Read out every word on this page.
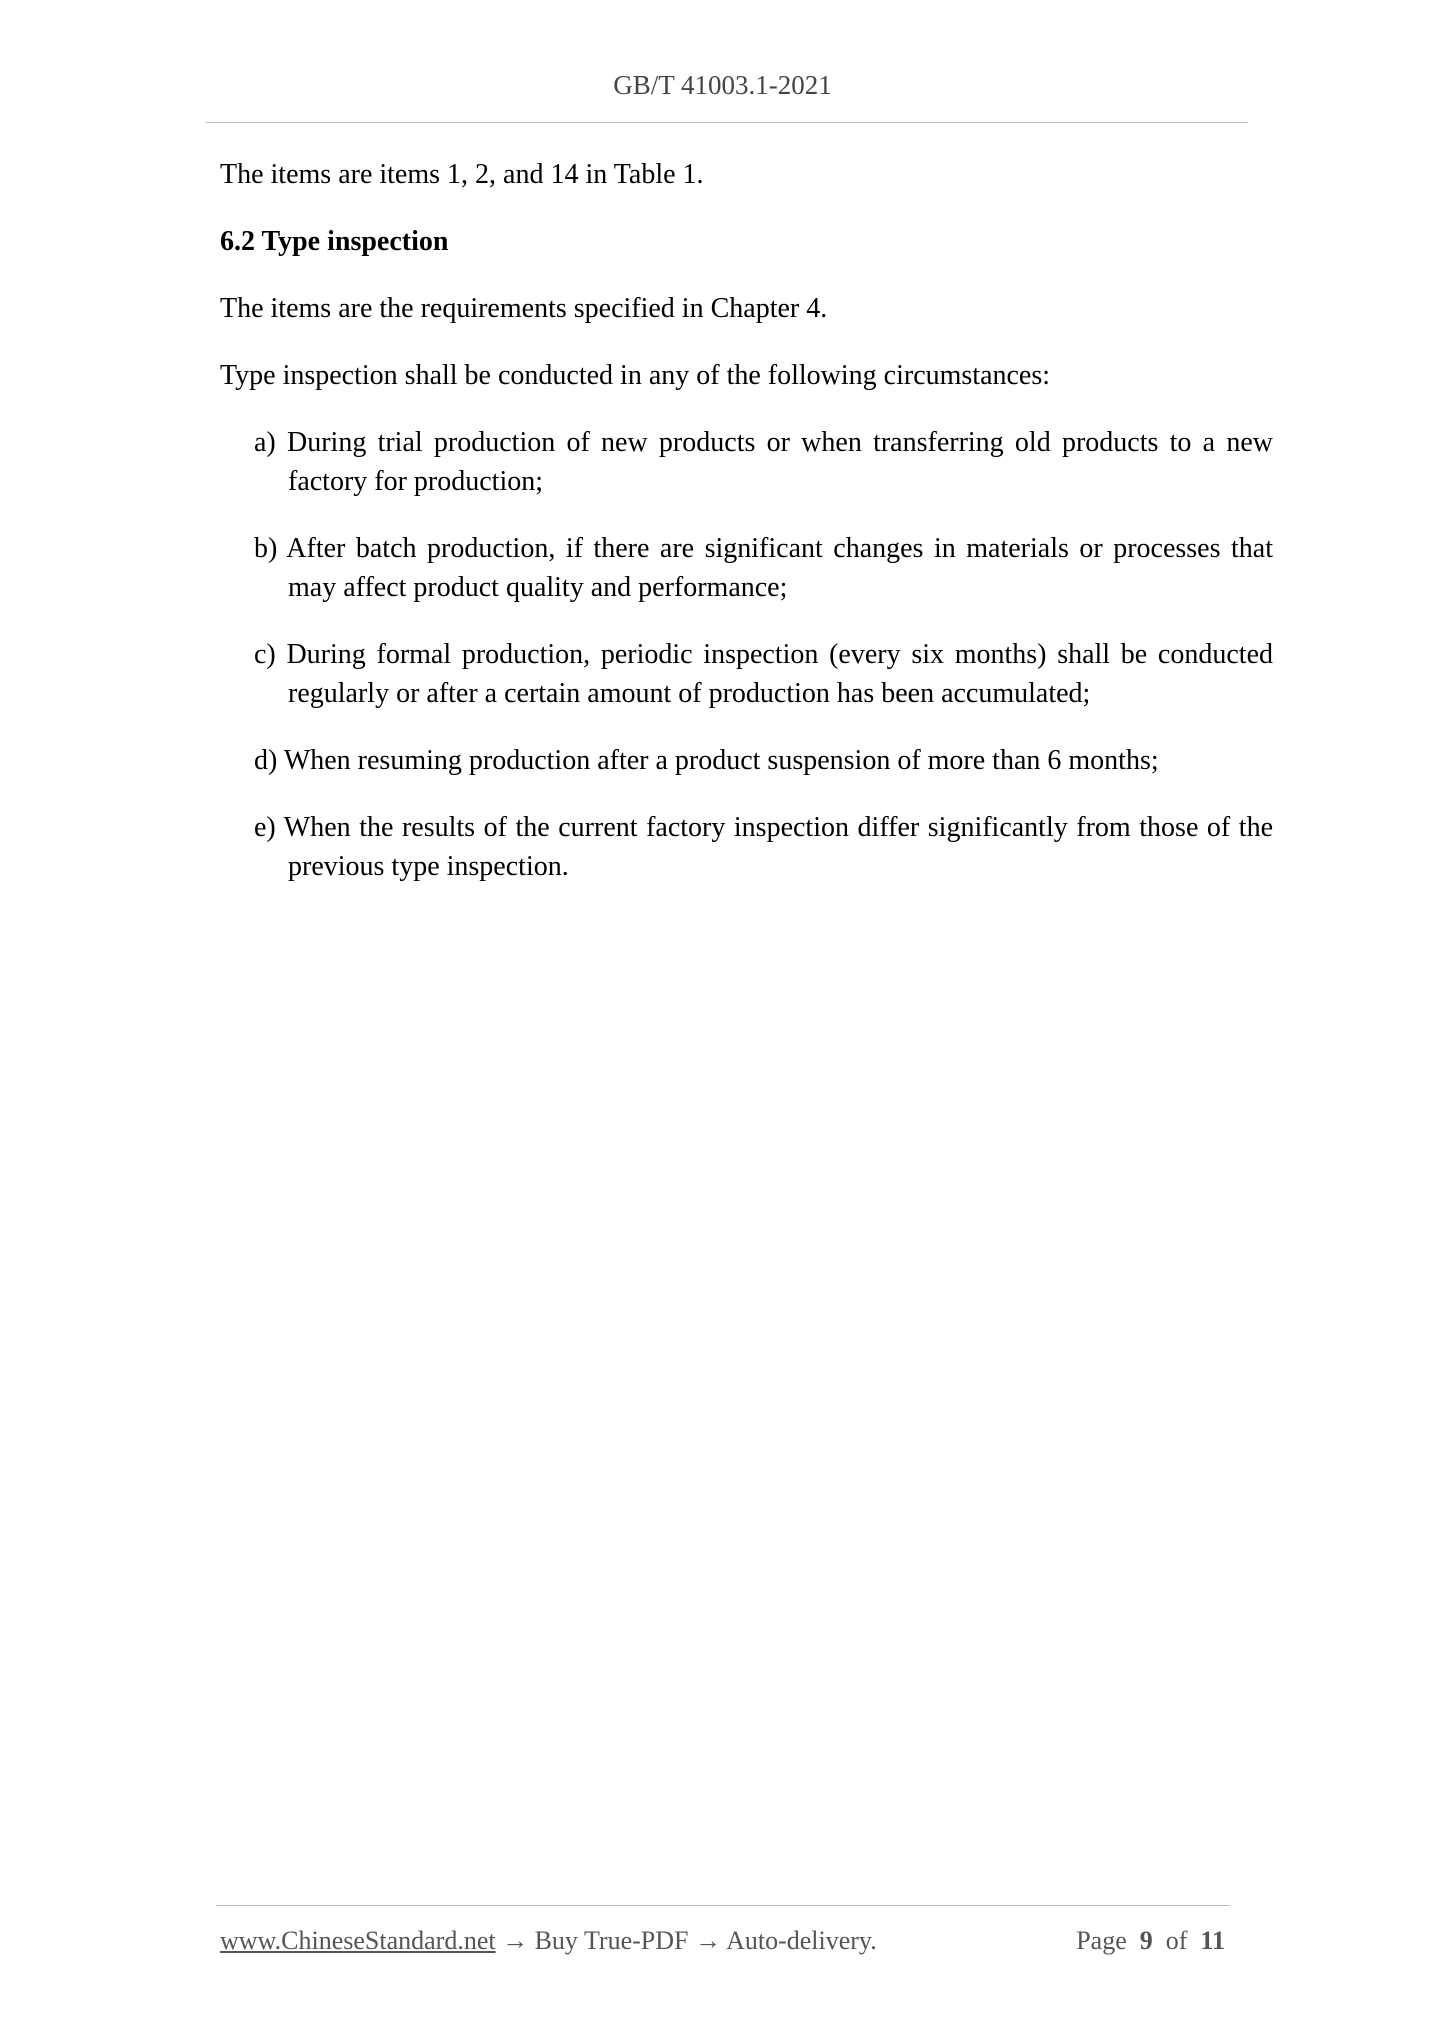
GB/T 41003.1-2021

The items are items 1, 2, and 14 in Table 1.

6.2 Type inspection

The items are the requirements specified in Chapter 4.

Type inspection shall be conducted in any of the following circumstances:

a) During trial production of new products or when transferring old products to a new factory for production;
b) After batch production, if there are significant changes in materials or processes that may affect product quality and performance;
c) During formal production, periodic inspection (every six months) shall be conducted regularly or after a certain amount of production has been accumulated;
d) When resuming production after a product suspension of more than 6 months;
e) When the results of the current factory inspection differ significantly from those of the previous type inspection.
www.ChineseStandard.net → Buy True-PDF → Auto-delivery.	Page 9 of 11
